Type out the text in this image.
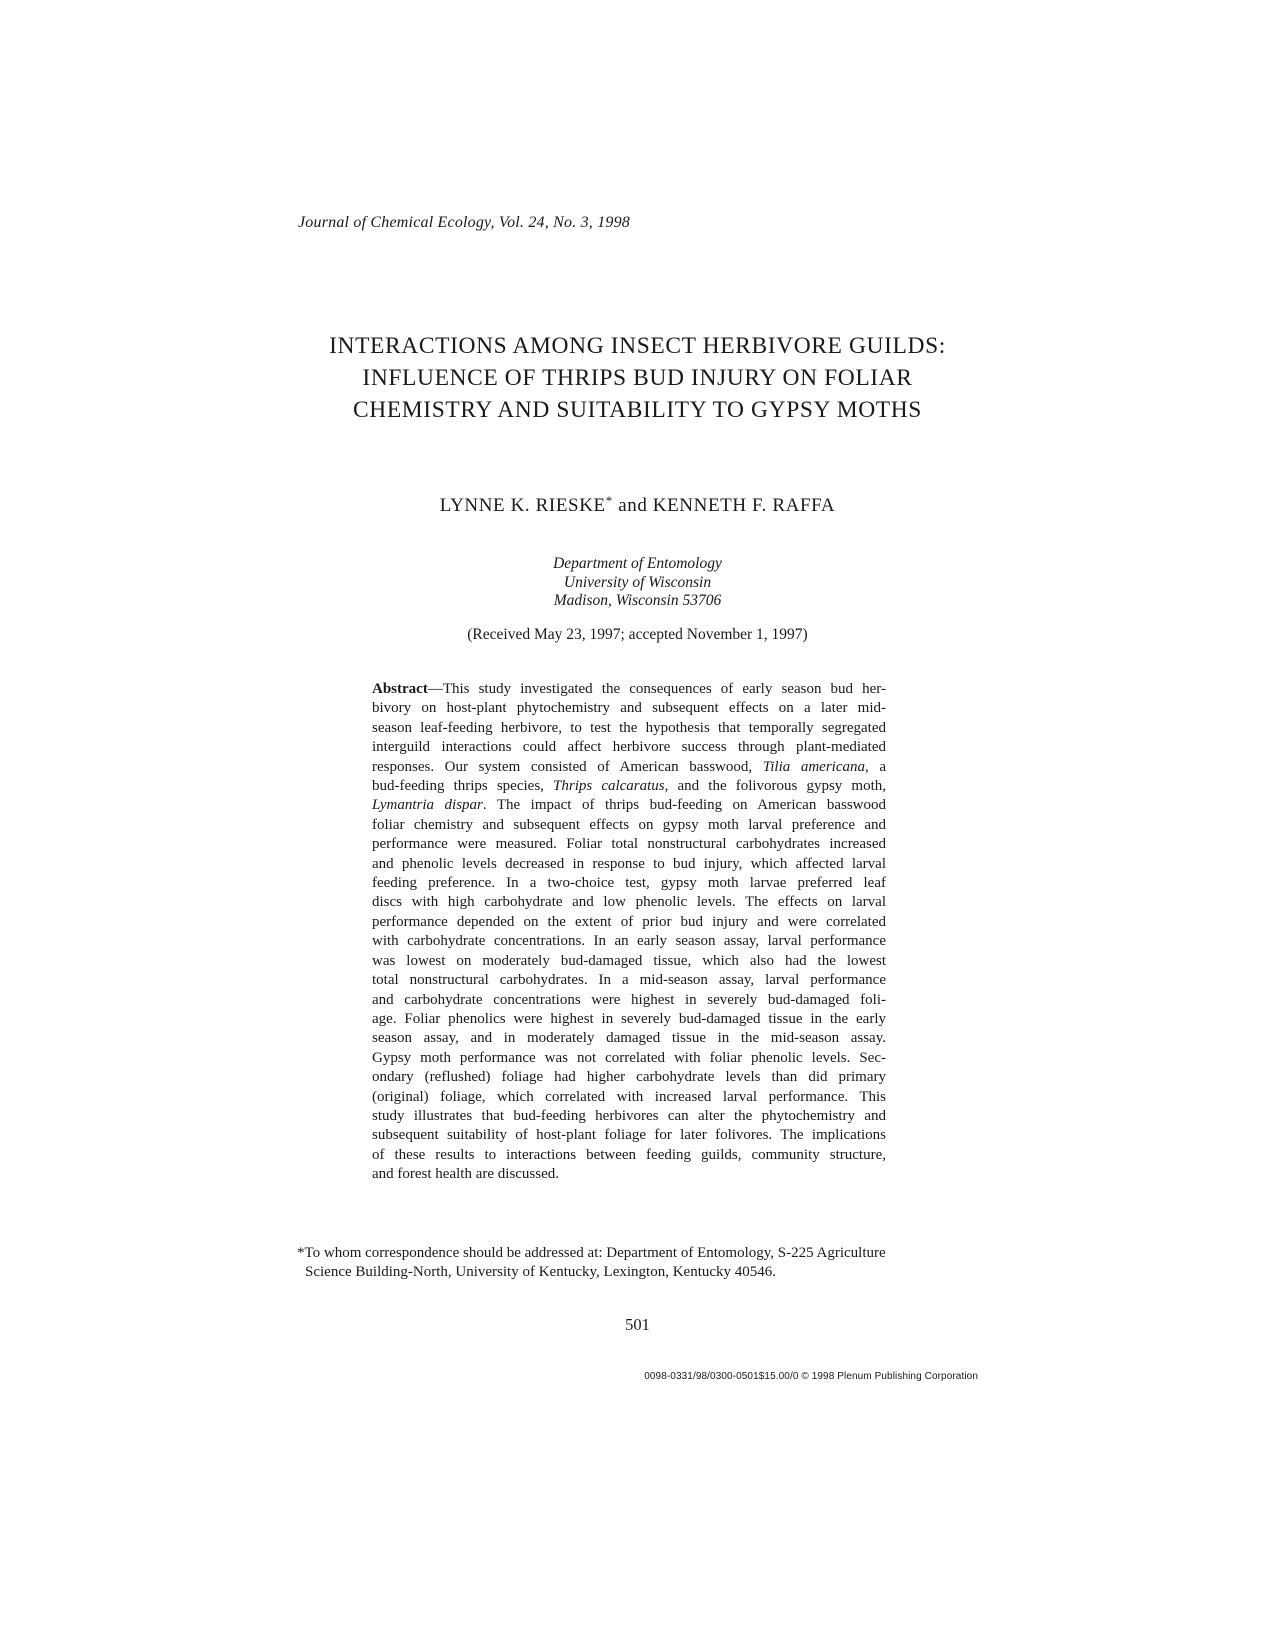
Journal of Chemical Ecology, Vol. 24, No. 3, 1998
INTERACTIONS AMONG INSECT HERBIVORE GUILDS:
INFLUENCE OF THRIPS BUD INJURY ON FOLIAR
CHEMISTRY AND SUITABILITY TO GYPSY MOTHS
LYNNE K. RIESKE* and KENNETH F. RAFFA
Department of Entomology
University of Wisconsin
Madison, Wisconsin 53706
(Received May 23, 1997; accepted November 1, 1997)
Abstract—This study investigated the consequences of early season bud her-
bivory on host-plant phytochemistry and subsequent effects on a later mid-
season leaf-feeding herbivore, to test the hypothesis that temporally segregated
interguild interactions could affect herbivore success through plant-mediated
responses. Our system consisted of American basswood, Tilia americana, a
bud-feeding thrips species, Thrips calcaratus, and the folivorous gypsy moth,
Lymantria dispar. The impact of thrips bud-feeding on American basswood
foliar chemistry and subsequent effects on gypsy moth larval preference and
performance were measured. Foliar total nonstructural carbohydrates increased
and phenolic levels decreased in response to bud injury, which affected larval
feeding preference. In a two-choice test, gypsy moth larvae preferred leaf
discs with high carbohydrate and low phenolic levels. The effects on larval
performance depended on the extent of prior bud injury and were correlated
with carbohydrate concentrations. In an early season assay, larval performance
was lowest on moderately bud-damaged tissue, which also had the lowest
total nonstructural carbohydrates. In a mid-season assay, larval performance
and carbohydrate concentrations were highest in severely bud-damaged foli-
age. Foliar phenolics were highest in severely bud-damaged tissue in the early
season assay, and in moderately damaged tissue in the mid-season assay.
Gypsy moth performance was not correlated with foliar phenolic levels. Sec-
ondary (reflushed) foliage had higher carbohydrate levels than did primary
(original) foliage, which correlated with increased larval performance. This
study illustrates that bud-feeding herbivores can alter the phytochemistry and
subsequent suitability of host-plant foliage for later folivores. The implications
of these results to interactions between feeding guilds, community structure,
and forest health are discussed.
*To whom correspondence should be addressed at: Department of Entomology, S-225 Agriculture
Science Building-North, University of Kentucky, Lexington, Kentucky 40546.
501
0098-0331/98/0300-0501$15.00/0 © 1998 Plenum Publishing Corporation
